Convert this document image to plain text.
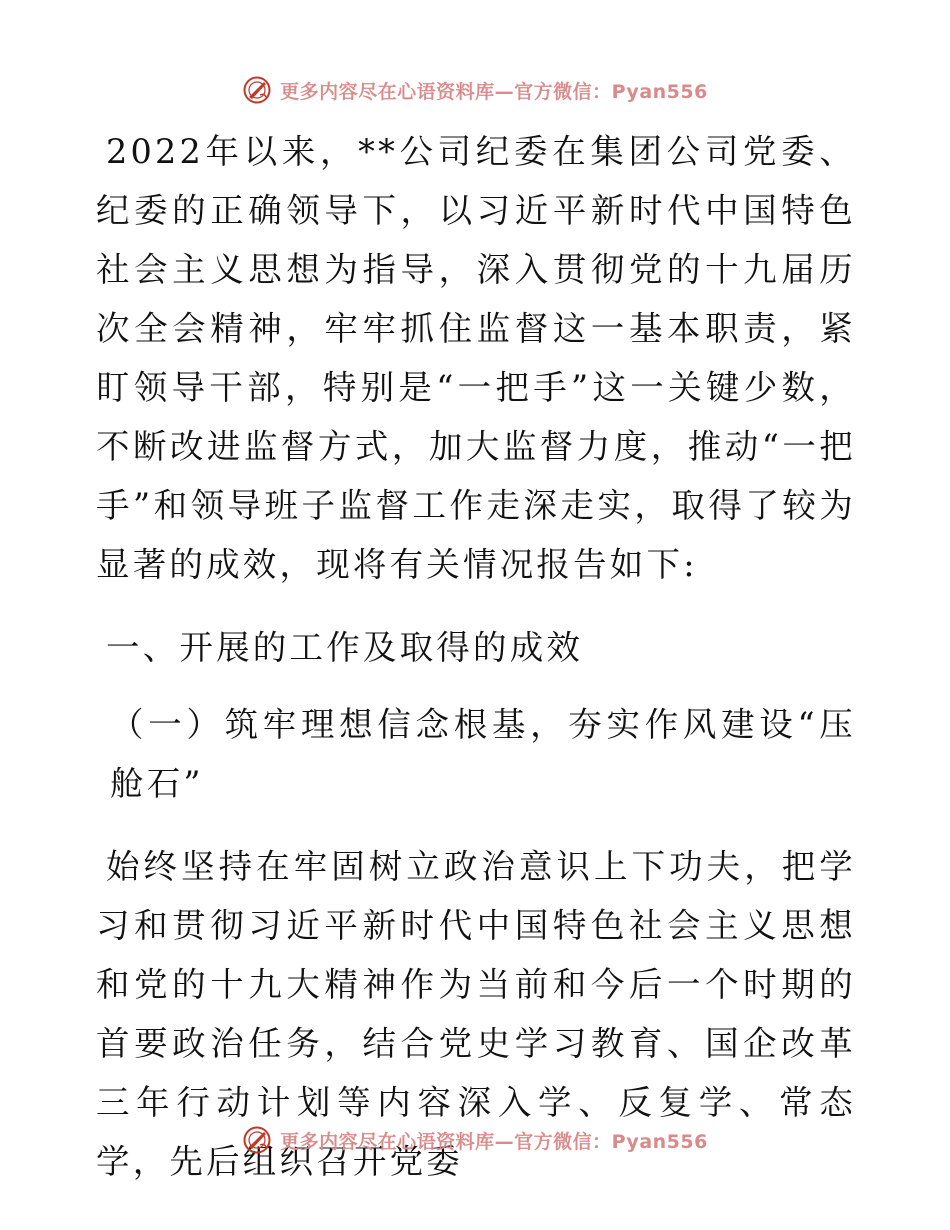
更多内容尽在心语资料库—官方微信：Pyan556

2022年以来，**公司纪委在集团公司党委、纪委的正确领导下，以习近平新时代中国特色社会主义思想为指导，深入贯彻党的十九届历次全会精神，牢牢抓住监督这一基本职责，紧盯领导干部，特别是“一把手”这一关键少数，不断改进监督方式，加大监督力度，推动“一把手”和领导班子监督工作走深走实，取得了较为显著的成效，现将有关情况报告如下:

一、开展的工作及取得的成效

（一）筑牢理想信念根基，夯实作风建设“压舱石”

始终坚持在牢固树立政治意识上下功夫，把学习和贯彻习近平新时代中国特色社会主义思想和党的十九大精神作为当前和今后一个时期的首要政治任务，结合党史学习教育、国企改革三年行动计划等内容深入学、反复学、常态学，先后组织召开党委

更多内容尽在心语资料库—官方微信：Pyan556
